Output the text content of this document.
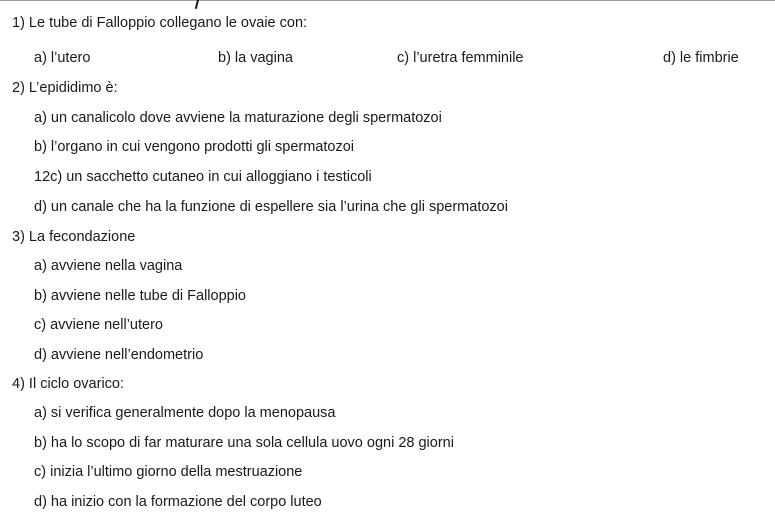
1) Le tube di Falloppio collegano le ovaie con:
a) l’utero	b) la vagina	c) l’uretra femminile	d) le fimbrie
2) L’epididimo è:
a) un canalicolo dove avviene la maturazione degli spermatozoi
b) l’organo in cui vengono prodotti gli spermatozoi
12c) un sacchetto cutaneo in cui alloggiano i testicoli
d) un canale che ha la funzione di espellere sia l’urina che gli spermatozoi
3) La fecondazione
a) avviene nella vagina
b) avviene nelle tube di Falloppio
c) avviene nell’utero
d) avviene nell’endometrio
4) Il ciclo ovarico:
a) si verifica generalmente dopo la menopausa
b) ha lo scopo di far maturare una sola cellula uovo ogni 28 giorni
c) inizia l’ultimo giorno della mestruazione
d) ha inizio con la formazione del corpo luteo
